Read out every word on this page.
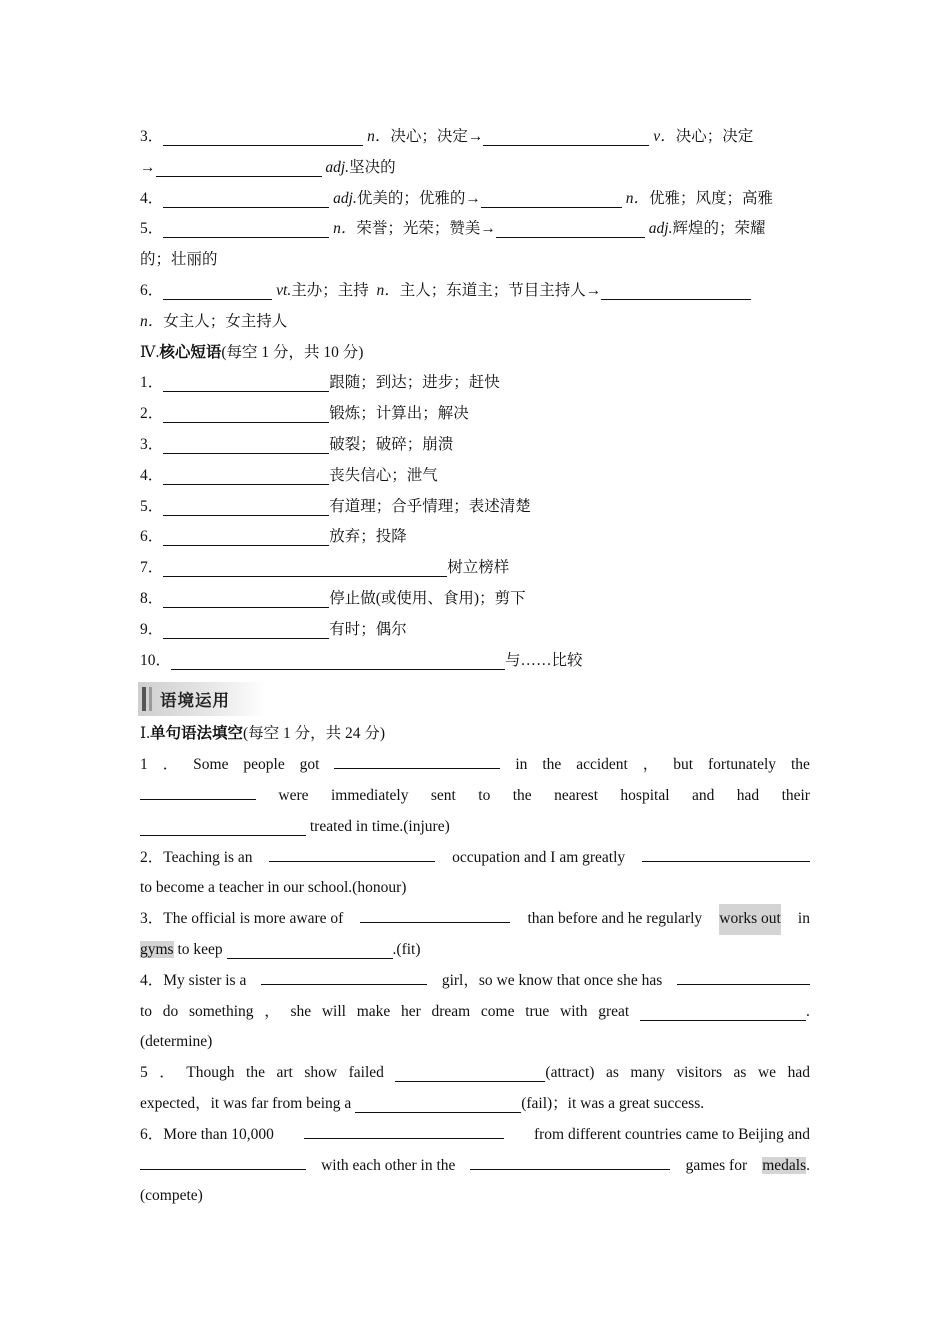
3．	n．决心；决定→	v．决心；决定
→	adj.坚决的
4．	adj.优美的；优雅的→	n．优雅；风度；高雅
5．	n．荣誉；光荣；赞美→	adj.辉煌的；荣耀
的；壮丽的
6．	vt.主办；主持 n．主人；东道主；节目主持人→
n．女主人；女主持人
Ⅳ.核心短语(每空 1 分，共 10 分)
1．	跟随；到达；进步；赶快
2．	锻炼；计算出；解决
3．	破裂；破碎；崩溃
4．	丧失信心；泄气
5．	有道理；合乎情理；表述清楚
6．	放弃；投降
7．	树立榜样
8．	停止做(或使用、食用)；剪下
9．	有时；偶尔
10．	与……比较
语境运用
Ⅰ.单句语法填空(每空 1 分，共 24 分)
1 ． Some people got	in the accident ， but fortunately the
were immediately sent to the nearest hospital and had their
treated in time.(injure)
2．Teaching is an	occupation and I am greatly
to become a teacher in our school.(honour)
3．The official is more aware of	than before and he regularly works out in
gyms to keep	.(fit)
4．My sister is a	girl，so we know that once she has
to do something ， she will make her dream come true with great	.
(determine)
5 ． Though the art show failed	(attract) as many visitors as we had
expected，it was far from being a	(fail)；it was a great success.
6．More than 10,000	from different countries came to Beijing and
with each other in the	games for medals.
(compete)
